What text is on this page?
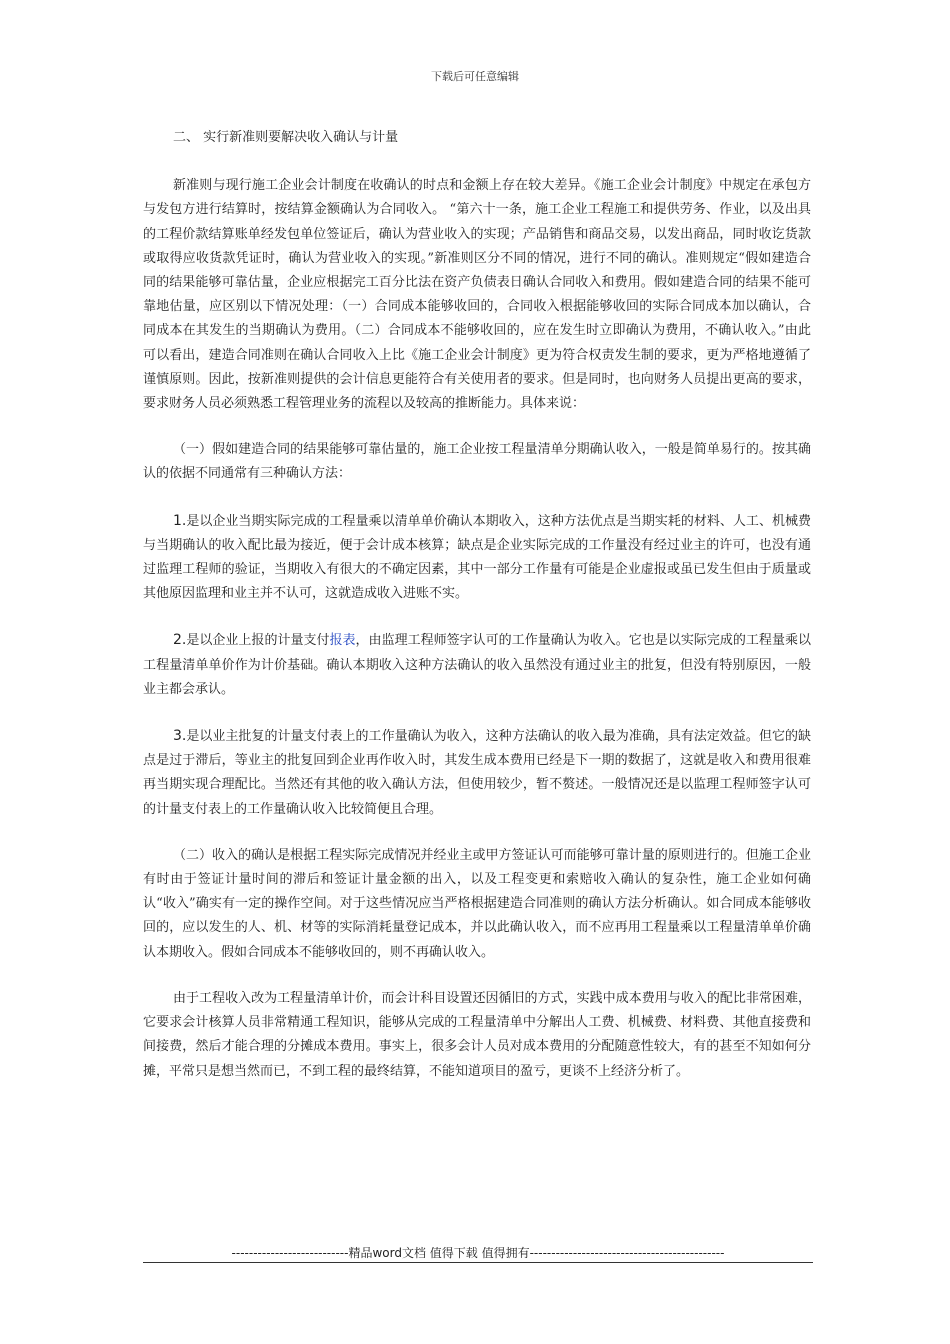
下载后可任意编辑

二、 实行新准则要解决收入确认与计量

新准则与现行施工企业会计制度在收确认的时点和金额上存在较大差异。《施工企业会计制度》中规定在承包方与发包方进行结算时，按结算金额确认为合同收入。 “第六十一条，施工企业工程施工和提供劳务、作业，以及出具的工程价款结算账单经发包单位签证后，确认为营业收入的实现；产品销售和商品交易，以发出商品，同时收讫货款或取得应收货款凭证时，确认为营业收入的实现。”新准则区分不同的情况，进行不同的确认。准则规定“假如建造合同的结果能够可靠估量，企业应根据完工百分比法在资产负债表日确认合同收入和费用。假如建造合同的结果不能可靠地估量，应区别以下情况处理：（一）合同成本能够收回的，合同收入根据能够收回的实际合同成本加以确认，合同成本在其发生的当期确认为费用。（二）合同成本不能够收回的，应在发生时立即确认为费用，不确认收入。”由此可以看出，建造合同准则在确认合同收入上比《施工企业会计制度》更为符合权责发生制的要求，更为严格地遵循了谨慎原则。因此，按新准则提供的会计信息更能符合有关使用者的要求。但是同时，也向财务人员提出更高的要求，要求财务人员必须熟悉工程管理业务的流程以及较高的推断能力。具体来说：

（一）假如建造合同的结果能够可靠估量的，施工企业按工程量清单分期确认收入，一般是简单易行的。按其确认的依据不同通常有三种确认方法：

1.是以企业当期实际完成的工程量乘以清单单价确认本期收入，这种方法优点是当期实耗的材料、人工、机械费与当期确认的收入配比最为接近，便于会计成本核算；缺点是企业实际完成的工作量没有经过业主的许可，也没有通过监理工程师的验证，当期收入有很大的不确定因素，其中一部分工作量有可能是企业虚报或虽已发生但由于质量或其他原因监理和业主并不认可，这就造成收入进账不实。

2.是以企业上报的计量支付报表，由监理工程师签字认可的工作量确认为收入。它也是以实际完成的工程量乘以工程量清单单价作为计价基础。确认本期收入这种方法确认的收入虽然没有通过业主的批复，但没有特别原因，一般业主都会承认。

3.是以业主批复的计量支付表上的工作量确认为收入，这种方法确认的收入最为准确，具有法定效益。但它的缺点是过于滞后，等业主的批复回到企业再作收入时，其发生成本费用已经是下一期的数据了，这就是收入和费用很难再当期实现合理配比。当然还有其他的收入确认方法，但使用较少，暂不赘述。一般情况还是以监理工程师签字认可的计量支付表上的工作量确认收入比较简便且合理。

（二）收入的确认是根据工程实际完成情况并经业主或甲方签证认可而能够可靠计量的原则进行的。但施工企业有时由于签证计量时间的滞后和签证计量金额的出入，以及工程变更和索赔收入确认的复杂性，施工企业如何确认“收入”确实有一定的操作空间。对于这些情况应当严格根据建造合同准则的确认方法分析确认。如合同成本能够收回的，应以发生的人、机、材等的实际消耗量登记成本，并以此确认收入，而不应再用工程量乘以工程量清单单价确认本期收入。假如合同成本不能够收回的，则不再确认收入。

由于工程收入改为工程量清单计价，而会计科目设置还因循旧的方式，实践中成本费用与收入的配比非常困难，它要求会计核算人员非常精通工程知识，能够从完成的工程量清单中分解出人工费、机械费、材料费、其他直接费和间接费，然后才能合理的分摊成本费用。事实上，很多会计人员对成本费用的分配随意性较大，有的甚至不知如何分摊，平常只是想当然而已，不到工程的最终结算，不能知道项目的盈亏，更谈不上经济分析了。

---------------------------精品word文档 值得下载 值得拥有---------------------------------------------
